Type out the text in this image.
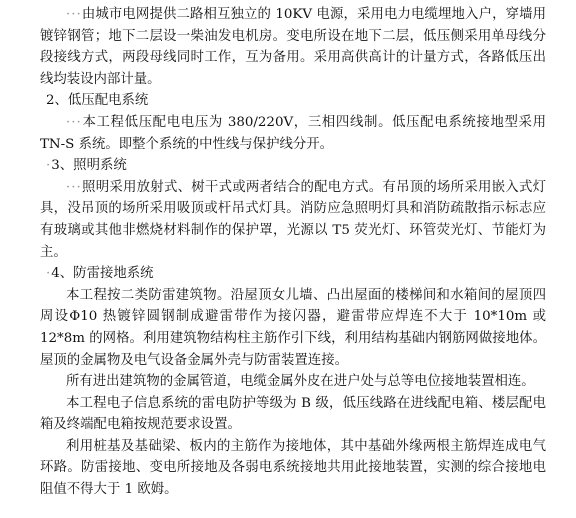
···由城市电网提供二路相互独立的 10KV 电源，采用电力电缆埋地入户，穿墙用镀锌钢管；地下二层设一柴油发电机房。变电所设在地下二层，低压侧采用单母线分段接线方式，两段母线同时工作，互为备用。采用高供高计的计量方式，各路低压出线均装设内部计量。

2、低压配电系统

···本工程低压配电电压为 380/220V，三相四线制。低压配电系统接地型采用 TN-S 系统。即整个系统的中性线与保护线分开。

·3、照明系统

···照明采用放射式、树干式或两者结合的配电方式。有吊顶的场所采用嵌入式灯具，没吊顶的场所采用吸顶或杆吊式灯具。消防应急照明灯具和消防疏散指示标志应有玻璃或其他非燃烧材料制作的保护罩，光源以 T5 荧光灯、环管荧光灯、节能灯为主。

·4、防雷接地系统

本工程按二类防雷建筑物。沿屋顶女儿墙、凸出屋面的楼梯间和水箱间的屋顶四周设Φ10 热镀锌圆钢制成避雷带作为接闪器，避雷带应焊连不大于 10*10m 或 12*8m 的网格。利用建筑物结构柱主筋作引下线，利用结构基础内钢筋网做接地体。屋顶的金属物及电气设备金属外壳与防雷装置连接。

所有进出建筑物的金属管道，电缆金属外皮在进户处与总等电位接地装置相连。

本工程电子信息系统的雷电防护等级为 B 级，低压线路在进线配电箱、楼层配电箱及终端配电箱按规范要求设置。

利用桩基及基础梁、板内的主筋作为接地体，其中基础外缘两根主筋焊连成电气环路。防雷接地、变电所接地及各弱电系统接地共用此接地装置，实测的综合接地电阻值不得大于 1 欧姆。
